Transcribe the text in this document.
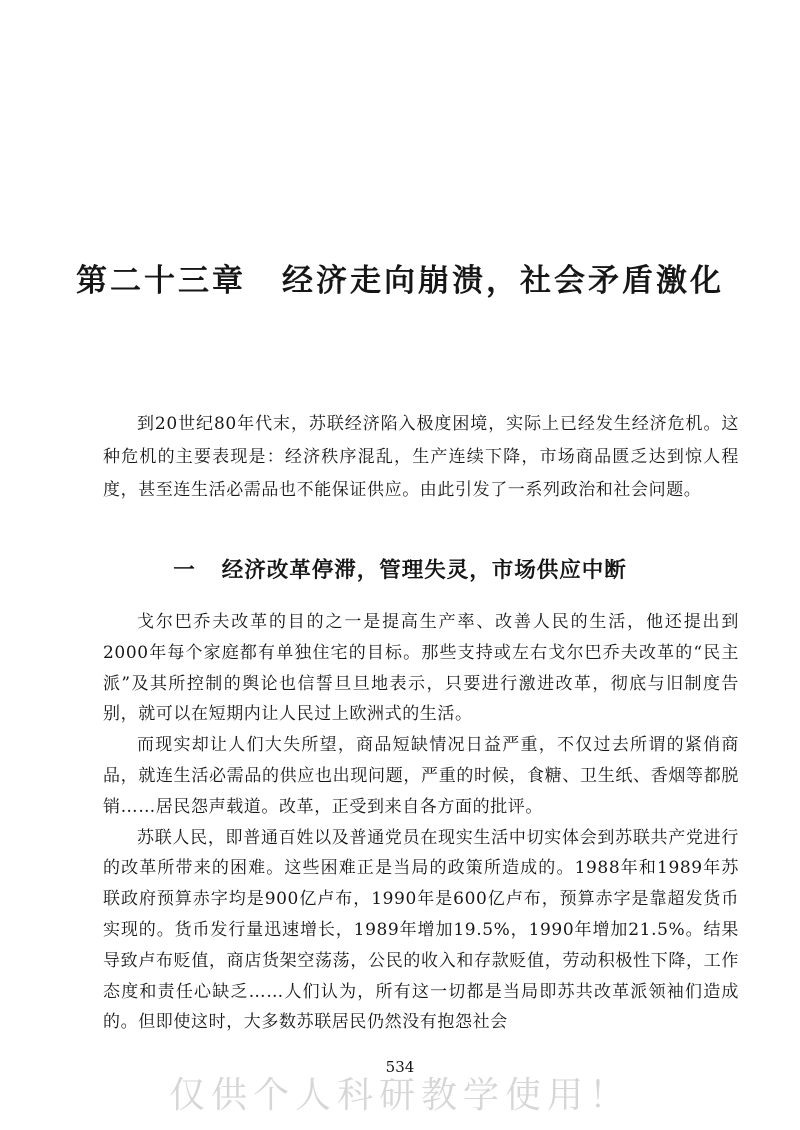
第二十三章 经济走向崩溃，社会矛盾激化

到20世纪80年代末，苏联经济陷入极度困境，实际上已经发生经济危机。这种危机的主要表现是：经济秩序混乱，生产连续下降，市场商品匮乏达到惊人程度，甚至连生活必需品也不能保证供应。由此引发了一系列政治和社会问题。

一 经济改革停滞，管理失灵，市场供应中断

戈尔巴乔夫改革的目的之一是提高生产率、改善人民的生活，他还提出到2000年每个家庭都有单独住宅的目标。那些支持或左右戈尔巴乔夫改革的“民主派”及其所控制的舆论也信誓旦旦地表示，只要进行激进改革，彻底与旧制度告别，就可以在短期内让人民过上欧洲式的生活。

而现实却让人们大失所望，商品短缺情况日益严重，不仅过去所谓的紧俏商品，就连生活必需品的供应也出现问题，严重的时候，食糖、卫生纸、香烟等都脱销……居民怨声载道。改革，正受到来自各方面的批评。

苏联人民，即普通百姓以及普通党员在现实生活中切实体会到苏联共产党进行的改革所带来的困难。这些困难正是当局的政策所造成的。1988年和1989年苏联政府预算赤字均是900亿卢布，1990年是600亿卢布，预算赤字是靠超发货币实现的。货币发行量迅速增长，1989年增加19.5%，1990年增加21.5%。结果导致卢布贬值，商店货架空荡荡，公民的收入和存款贬值，劳动积极性下降，工作态度和责任心缺乏……人们认为，所有这一切都是当局即苏共改革派领袖们造成的。但即使这时，大多数苏联居民仍然没有抱怨社会

534
仅供个人科研教学使用！
